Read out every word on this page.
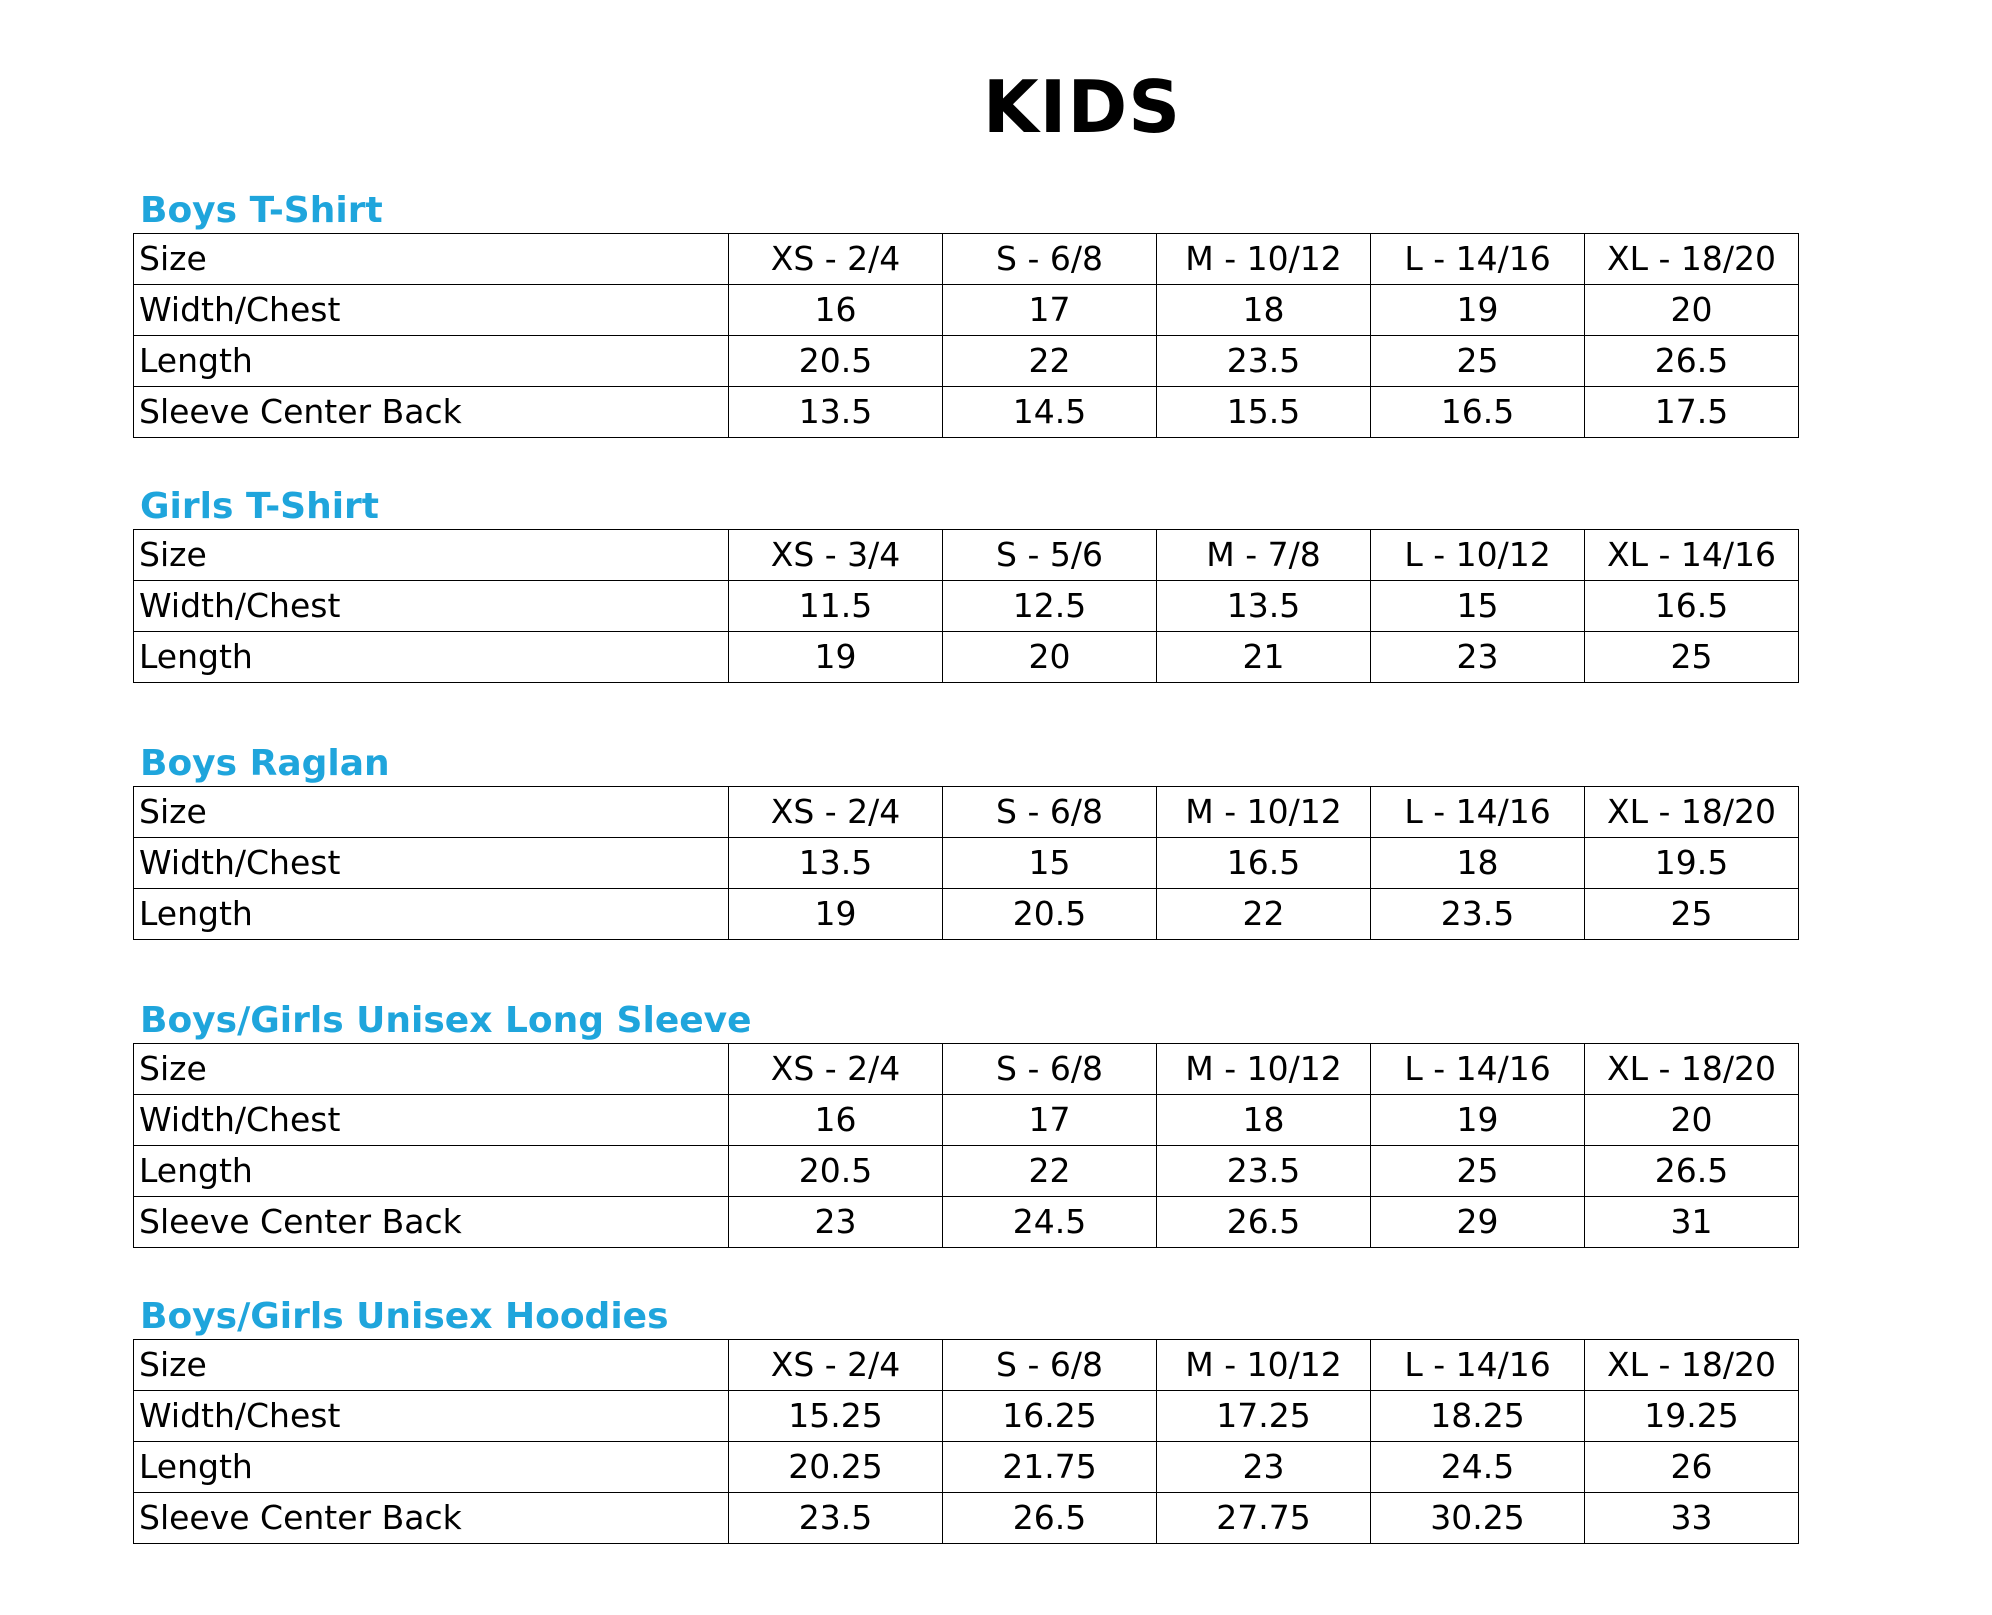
KIDS
Boys T-Shirt
Size	XS - 2/4	S - 6/8	M - 10/12	L - 14/16	XL - 18/20
Width/Chest	16	17	18	19	20
Length	20.5	22	23.5	25	26.5
Sleeve Center Back	13.5	14.5	15.5	16.5	17.5
Girls T-Shirt
Size	XS - 3/4	S - 5/6	M - 7/8	L - 10/12	XL - 14/16
Width/Chest	11.5	12.5	13.5	15	16.5
Length	19	20	21	23	25
Boys Raglan
Size	XS - 2/4	S - 6/8	M - 10/12	L - 14/16	XL - 18/20
Width/Chest	13.5	15	16.5	18	19.5
Length	19	20.5	22	23.5	25
Boys/Girls Unisex Long Sleeve
Size	XS - 2/4	S - 6/8	M - 10/12	L - 14/16	XL - 18/20
Width/Chest	16	17	18	19	20
Length	20.5	22	23.5	25	26.5
Sleeve Center Back	23	24.5	26.5	29	31
Boys/Girls Unisex Hoodies
Size	XS - 2/4	S - 6/8	M - 10/12	L - 14/16	XL - 18/20
Width/Chest	15.25	16.25	17.25	18.25	19.25
Length	20.25	21.75	23	24.5	26
Sleeve Center Back	23.5	26.5	27.75	30.25	33
